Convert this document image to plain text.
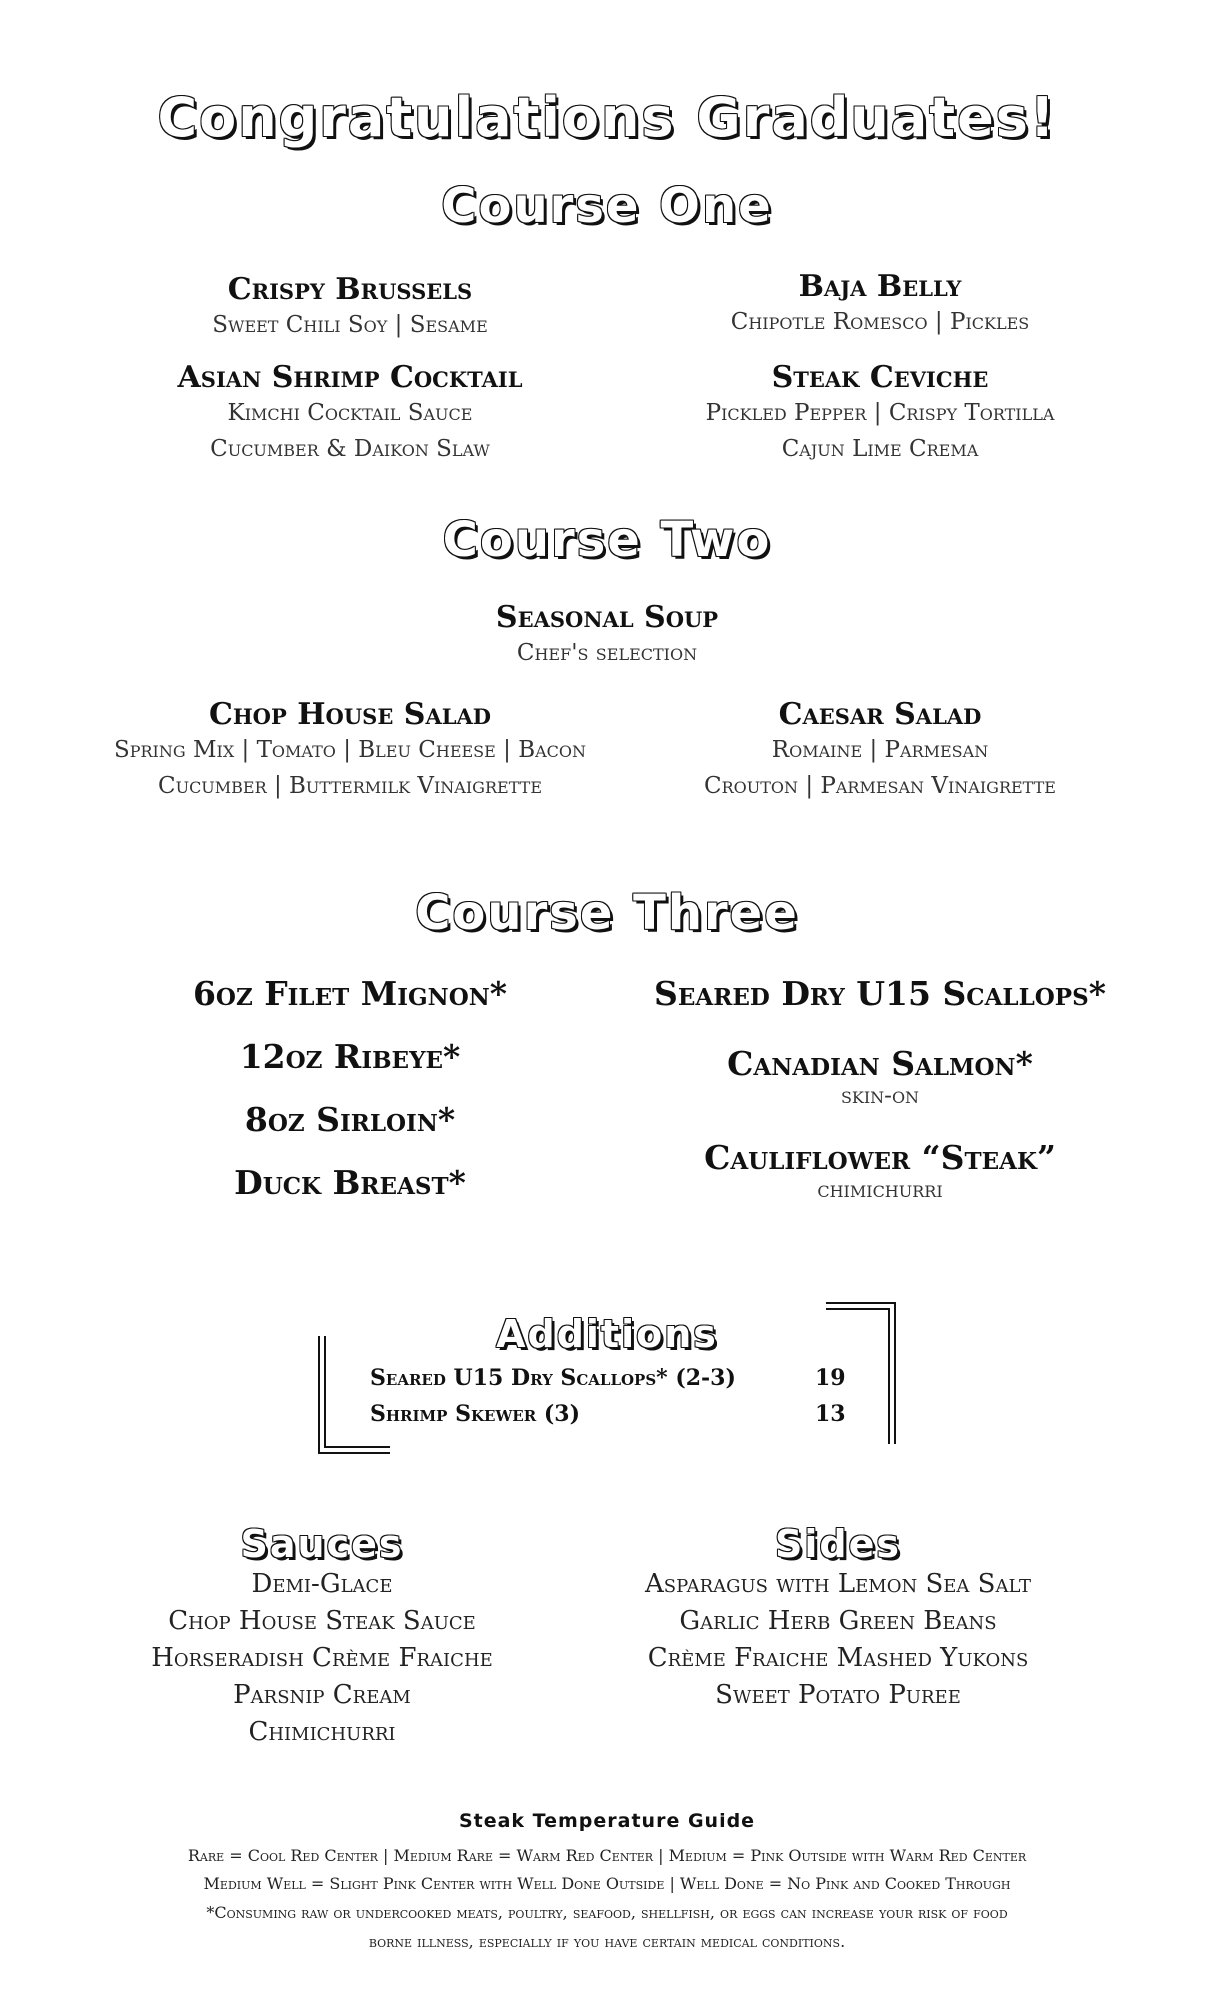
Congratulations Graduates!
Course One
Crispy Brussels
Sweet Chili Soy | Sesame
Baja Belly
Chipotle Romesco | Pickles
Asian Shrimp Cocktail
Kimchi Cocktail Sauce
Cucumber & Daikon Slaw
Steak Ceviche
Pickled Pepper | Crispy Tortilla
Cajun Lime Crema
Course Two
Seasonal Soup
Chef's selection
Chop House Salad
Spring Mix | Tomato | Bleu Cheese | Bacon
Cucumber | Buttermilk Vinaigrette
Caesar Salad
Romaine | Parmesan
Crouton | Parmesan Vinaigrette
Course Three
6oz Filet Mignon*
12oz Ribeye*
8oz Sirloin*
Duck Breast*
Seared Dry U15 Scallops*
Canadian Salmon*
skin-on
Cauliflower “Steak”
chimichurri
Additions
Seared U15 Dry Scallops* (2-3)	19
Shrimp Skewer (3)	13
Sauces
Demi-Glace
Chop House Steak Sauce
Horseradish Crème Fraiche
Parsnip Cream
Chimichurri
Sides
Asparagus with Lemon Sea Salt
Garlic Herb Green Beans
Crème Fraiche Mashed Yukons
Sweet Potato Puree
Steak Temperature Guide
Rare = Cool Red Center | Medium Rare = Warm Red Center | Medium = Pink Outside with Warm Red Center
Medium Well = Slight Pink Center with Well Done Outside | Well Done = No Pink and Cooked Through
*Consuming raw or undercooked meats, poultry, seafood, shellfish, or eggs can increase your risk of food
borne illness, especially if you have certain medical conditions.
